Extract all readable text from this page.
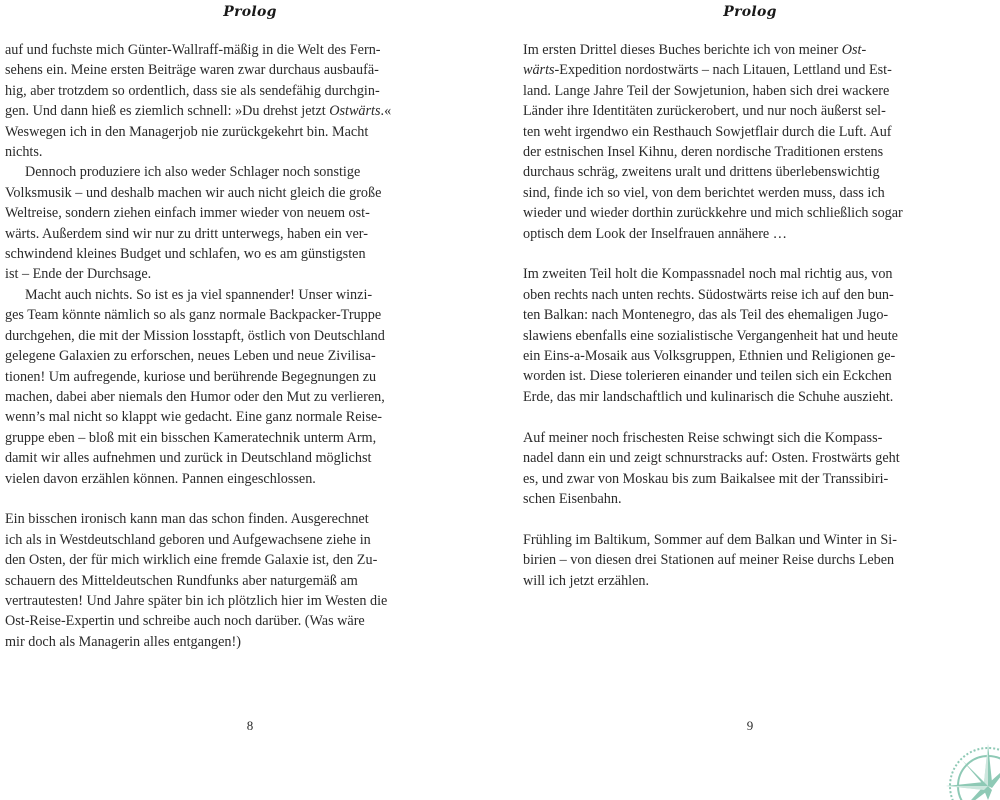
Prolog

auf und fuchste mich Günter-Wallraff-mäßig in die Welt des Fern-
sehens ein. Meine ersten Beiträge waren zwar durchaus ausbaufä-
hig, aber trotzdem so ordentlich, dass sie als sendefähig durchgin-
gen. Und dann hieß es ziemlich schnell: »Du drehst jetzt Ostwärts.«
Weswegen ich in den Managerjob nie zurückgekehrt bin. Macht
nichts.

Dennoch produziere ich also weder Schlager noch sonstige
Volksmusik – und deshalb machen wir auch nicht gleich die große
Weltreise, sondern ziehen einfach immer wieder von neuem ost-
wärts. Außerdem sind wir nur zu dritt unterwegs, haben ein ver-
schwindend kleines Budget und schlafen, wo es am günstigsten
ist – Ende der Durchsage.

Macht auch nichts. So ist es ja viel spannender! Unser winzi-
ges Team könnte nämlich so als ganz normale Backpacker-Truppe
durchgehen, die mit der Mission losstapft, östlich von Deutschland
gelegene Galaxien zu erforschen, neues Leben und neue Zivilisa-
tionen! Um aufregende, kuriose und berührende Begegnungen zu
machen, dabei aber niemals den Humor oder den Mut zu verlieren,
wenn’s mal nicht so klappt wie gedacht. Eine ganz normale Reise-
gruppe eben – bloß mit ein bisschen Kameratechnik unterm Arm,
damit wir alles aufnehmen und zurück in Deutschland möglichst
vielen davon erzählen können. Pannen eingeschlossen.

Ein bisschen ironisch kann man das schon finden. Ausgerechnet
ich als in Westdeutschland geboren und Aufgewachsene ziehe in
den Osten, der für mich wirklich eine fremde Galaxie ist, den Zu-
schauern des Mitteldeutschen Rundfunks aber naturgemäß am
vertrautesten! Und Jahre später bin ich plötzlich hier im Westen die
Ost-Reise-Expertin und schreibe auch noch darüber. (Was wäre
mir doch als Managerin alles entgangen!)

8
Prolog

Im ersten Drittel dieses Buches berichte ich von meiner Ost-
wärts-Expedition nordostwärts – nach Litauen, Lettland und Est-
land. Lange Jahre Teil der Sowjetunion, haben sich drei wackere
Länder ihre Identitäten zurückerobert, und nur noch äußerst sel-
ten weht irgendwo ein Resthauch Sowjetflair durch die Luft. Auf
der estnischen Insel Kihnu, deren nordische Traditionen erstens
durchaus schräg, zweitens uralt und drittens überlebenswichtig
sind, finde ich so viel, von dem berichtet werden muss, dass ich
wieder und wieder dorthin zurückkehre und mich schließlich sogar
optisch dem Look der Inselfrauen annähere …

Im zweiten Teil holt die Kompassnadel noch mal richtig aus, von
oben rechts nach unten rechts. Südostwärts reise ich auf den bun-
ten Balkan: nach Montenegro, das als Teil des ehemaligen Jugo-
slawiens ebenfalls eine sozialistische Vergangenheit hat und heute
ein Eins-a-Mosaik aus Volksgruppen, Ethnien und Religionen ge-
worden ist. Diese tolerieren einander und teilen sich ein Eckchen
Erde, das mir landschaftlich und kulinarisch die Schuhe auszieht.

Auf meiner noch frischesten Reise schwingt sich die Kompass-
nadel dann ein und zeigt schnurstracks auf: Osten. Frostwärts geht
es, und zwar von Moskau bis zum Baikalsee mit der Transsibiri-
schen Eisenbahn.

Frühling im Baltikum, Sommer auf dem Balkan und Winter in Si-
birien – von diesen drei Stationen auf meiner Reise durchs Leben
will ich jetzt erzählen.

9
